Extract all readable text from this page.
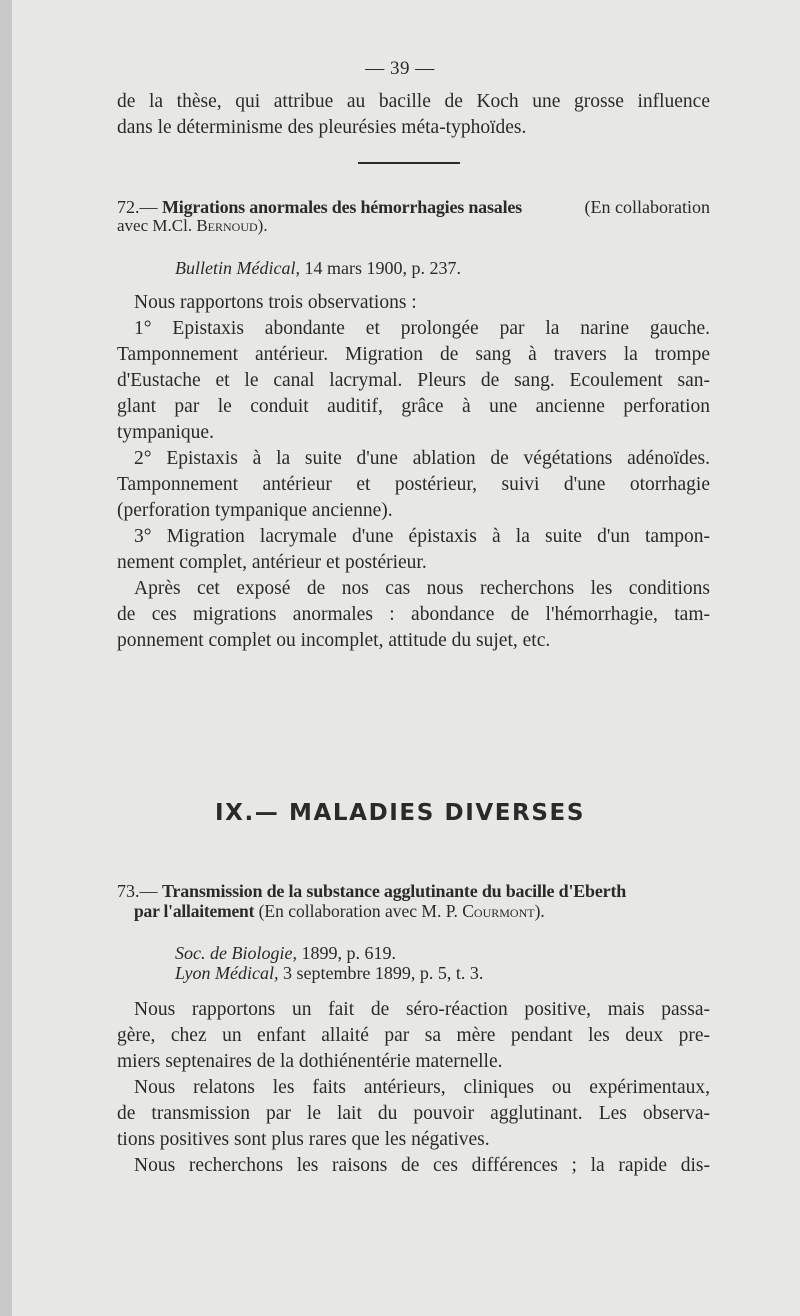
— 39 —
de la thèse, qui attribue au bacille de Koch une grosse influence
dans le déterminisme des pleurésies méta-typhoïdes.
72.— Migrations anormales des hémorrhagies nasales	(En collaboration
avec M.Cl. Bernoud).
Bulletin Médical, 14 mars 1900, p. 237.
Nous rapportons trois observations :
1° Epistaxis abondante et prolongée par la narine gauche.
Tamponnement antérieur. Migration de sang à travers la trompe
d'Eustache et le canal lacrymal. Pleurs de sang. Ecoulement san-
glant par le conduit auditif, grâce à une ancienne perforation
tympanique.
2° Epistaxis à la suite d'une ablation de végétations adénoïdes.
Tamponnement antérieur et postérieur, suivi d'une otorrhagie
(perforation tympanique ancienne).
3° Migration lacrymale d'une épistaxis à la suite d'un tampon-
nement complet, antérieur et postérieur.
Après cet exposé de nos cas nous recherchons les conditions
de ces migrations anormales : abondance de l'hémorrhagie, tam-
ponnement complet ou incomplet, attitude du sujet, etc.
IX.— MALADIES DIVERSES
73.— Transmission de la substance agglutinante du bacille d'Eberth
par l'allaitement (En collaboration avec M. P. Courmont).
Soc. de Biologie, 1899, p. 619.
Lyon Médical, 3 septembre 1899, p. 5, t. 3.
Nous rapportons un fait de séro-réaction positive, mais passa-
gère, chez un enfant allaité par sa mère pendant les deux pre-
miers septenaires de la dothiénentérie maternelle.
Nous relatons les faits antérieurs, cliniques ou expérimentaux,
de transmission par le lait du pouvoir agglutinant. Les observa-
tions positives sont plus rares que les négatives.
Nous recherchons les raisons de ces différences ; la rapide dis-
